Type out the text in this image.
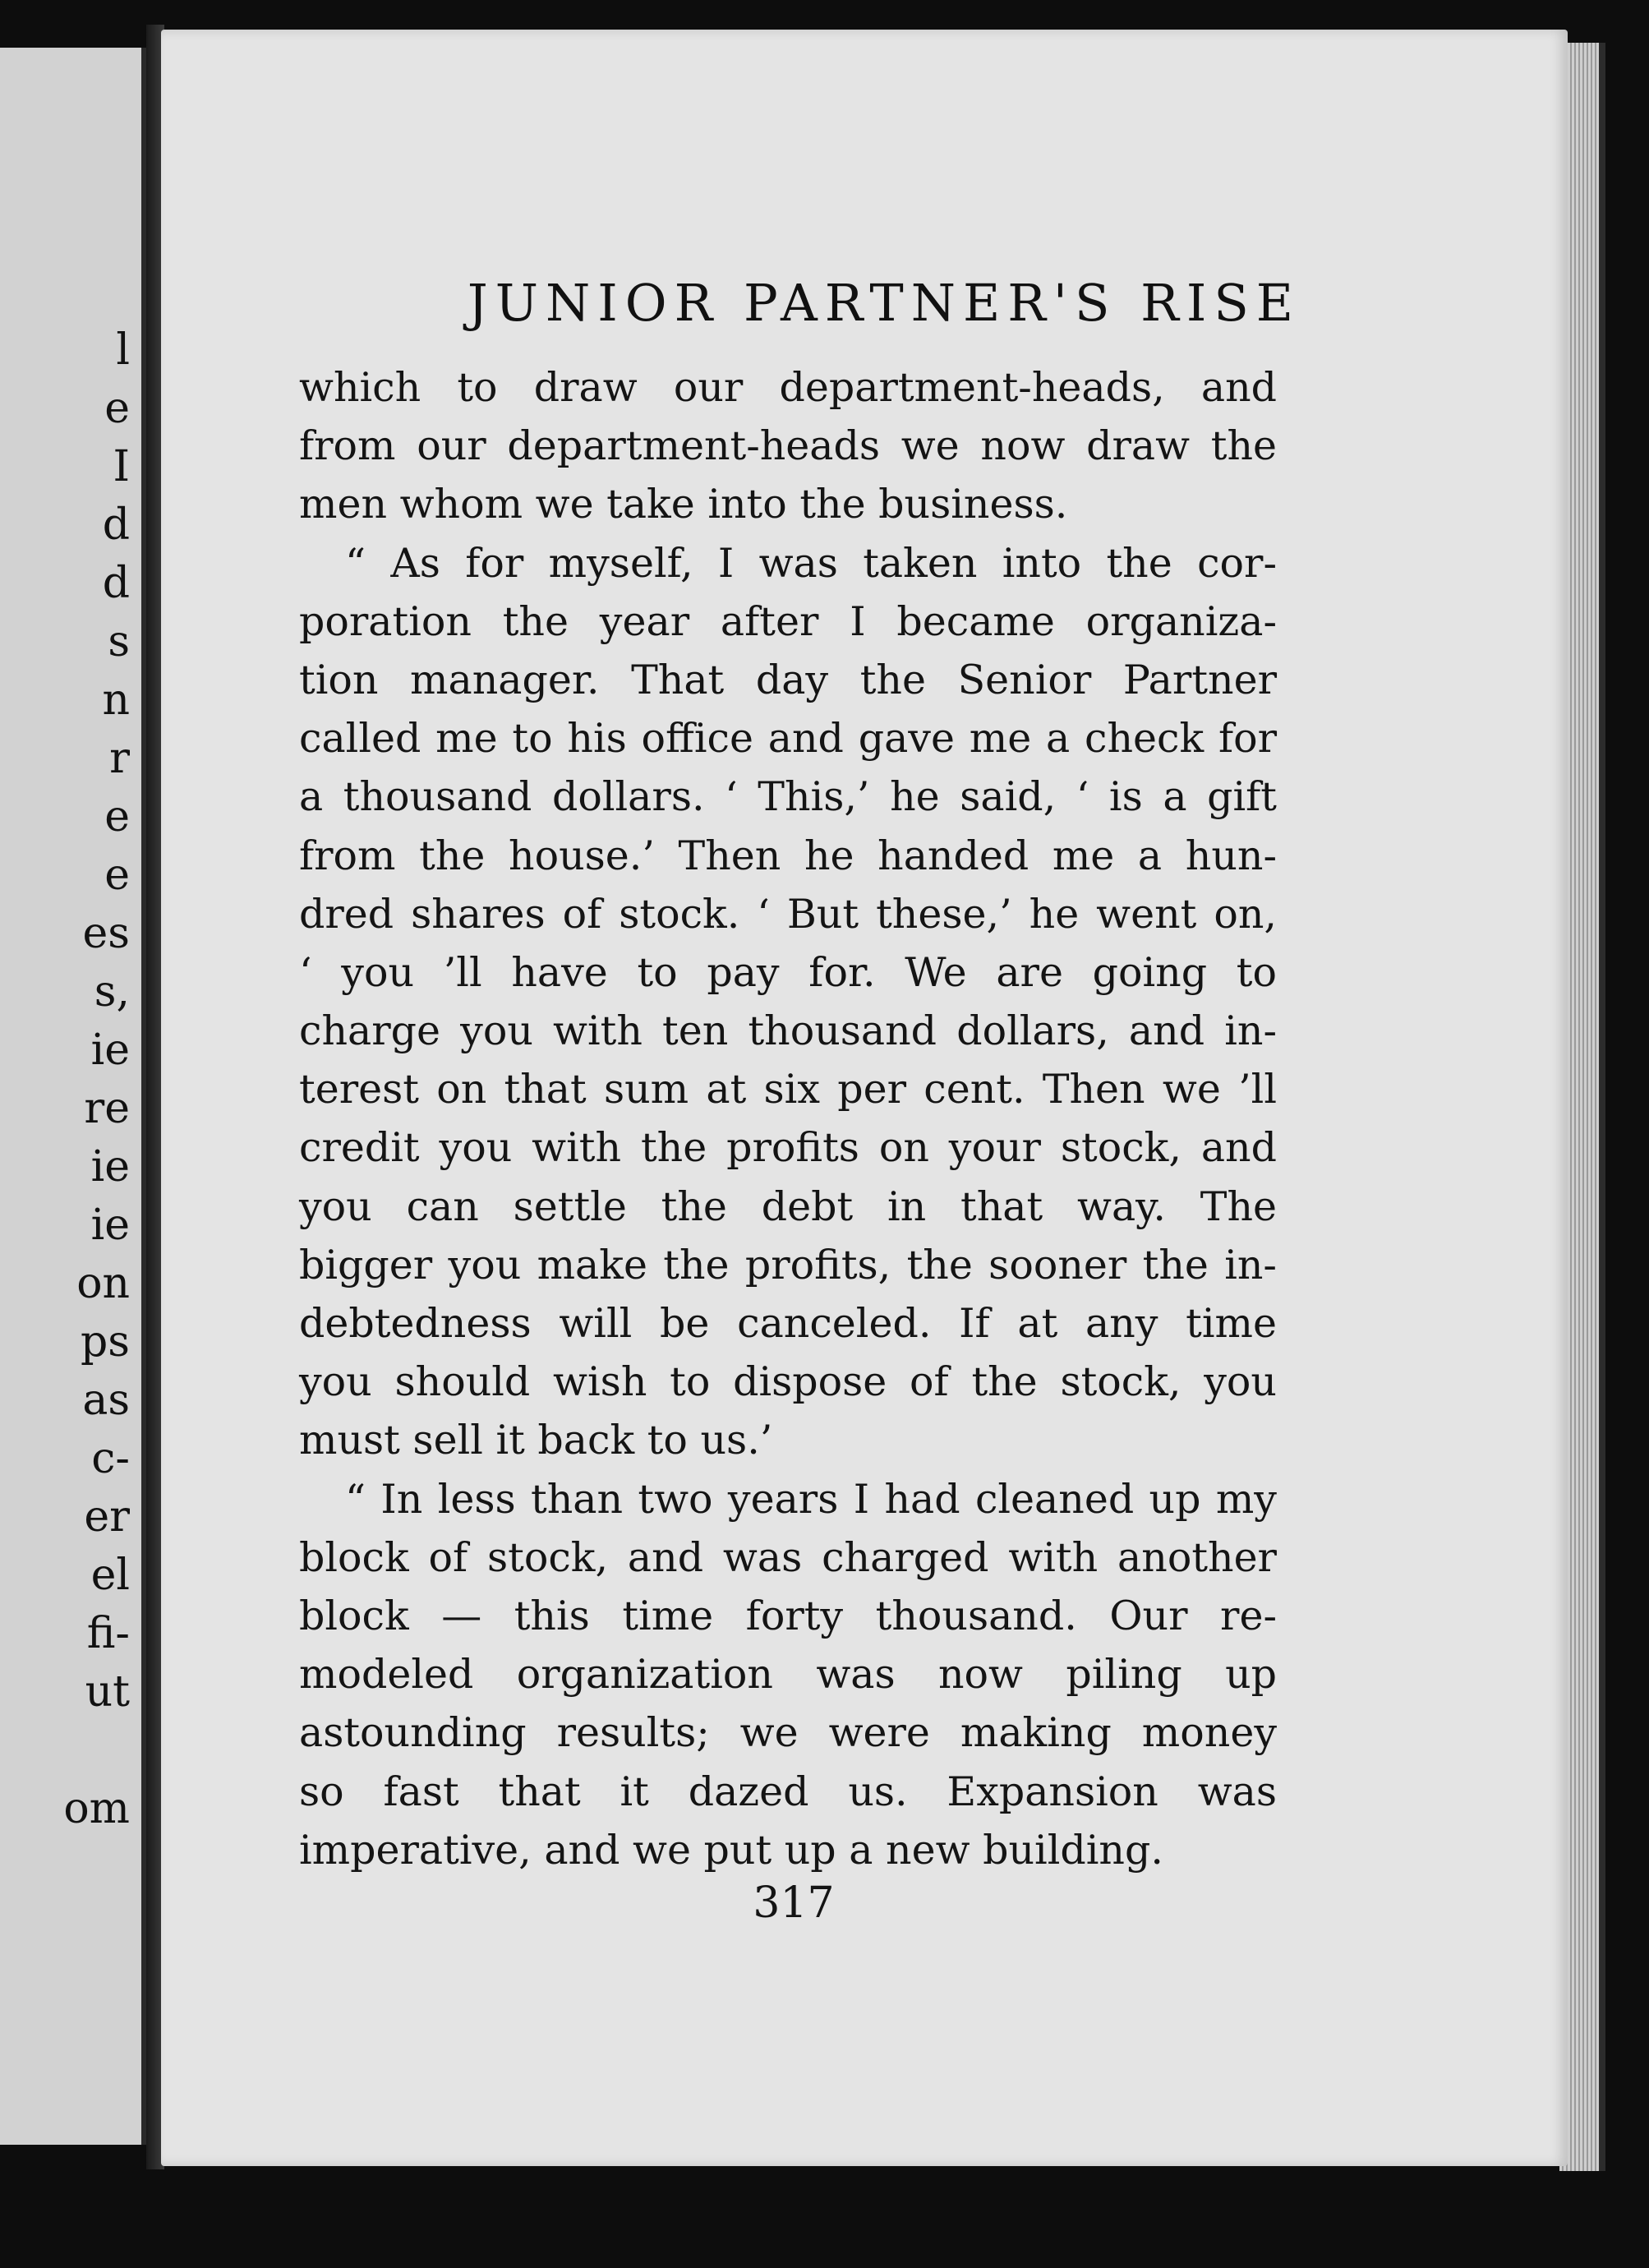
l
e
I
d
d
s
n
r
e
e
es
s,
ie
re
ie
ie
on
ps
as
c-
er
el
fi-
ut
om
JUNIOR PARTNER'S RISE
which to draw our department-heads, and
from our department-heads we now draw the
men whom we take into the business.
“ As for myself, I was taken into the cor-
poration the year after I became organiza-
tion manager. That day the Senior Partner
called me to his office and gave me a check for
a thousand dollars. ‘ This,’ he said, ‘ is a gift
from the house.’ Then he handed me a hun-
dred shares of stock. ‘ But these,’ he went on,
‘ you ’ll have to pay for. We are going to
charge you with ten thousand dollars, and in-
terest on that sum at six per cent. Then we ’ll
credit you with the profits on your stock, and
you can settle the debt in that way. The
bigger you make the profits, the sooner the in-
debtedness will be canceled. If at any time
you should wish to dispose of the stock, you
must sell it back to us.’
“ In less than two years I had cleaned up my
block of stock, and was charged with another
block — this time forty thousand. Our re-
modeled organization was now piling up
astounding results; we were making money
so fast that it dazed us. Expansion was
imperative, and we put up a new building.
317
